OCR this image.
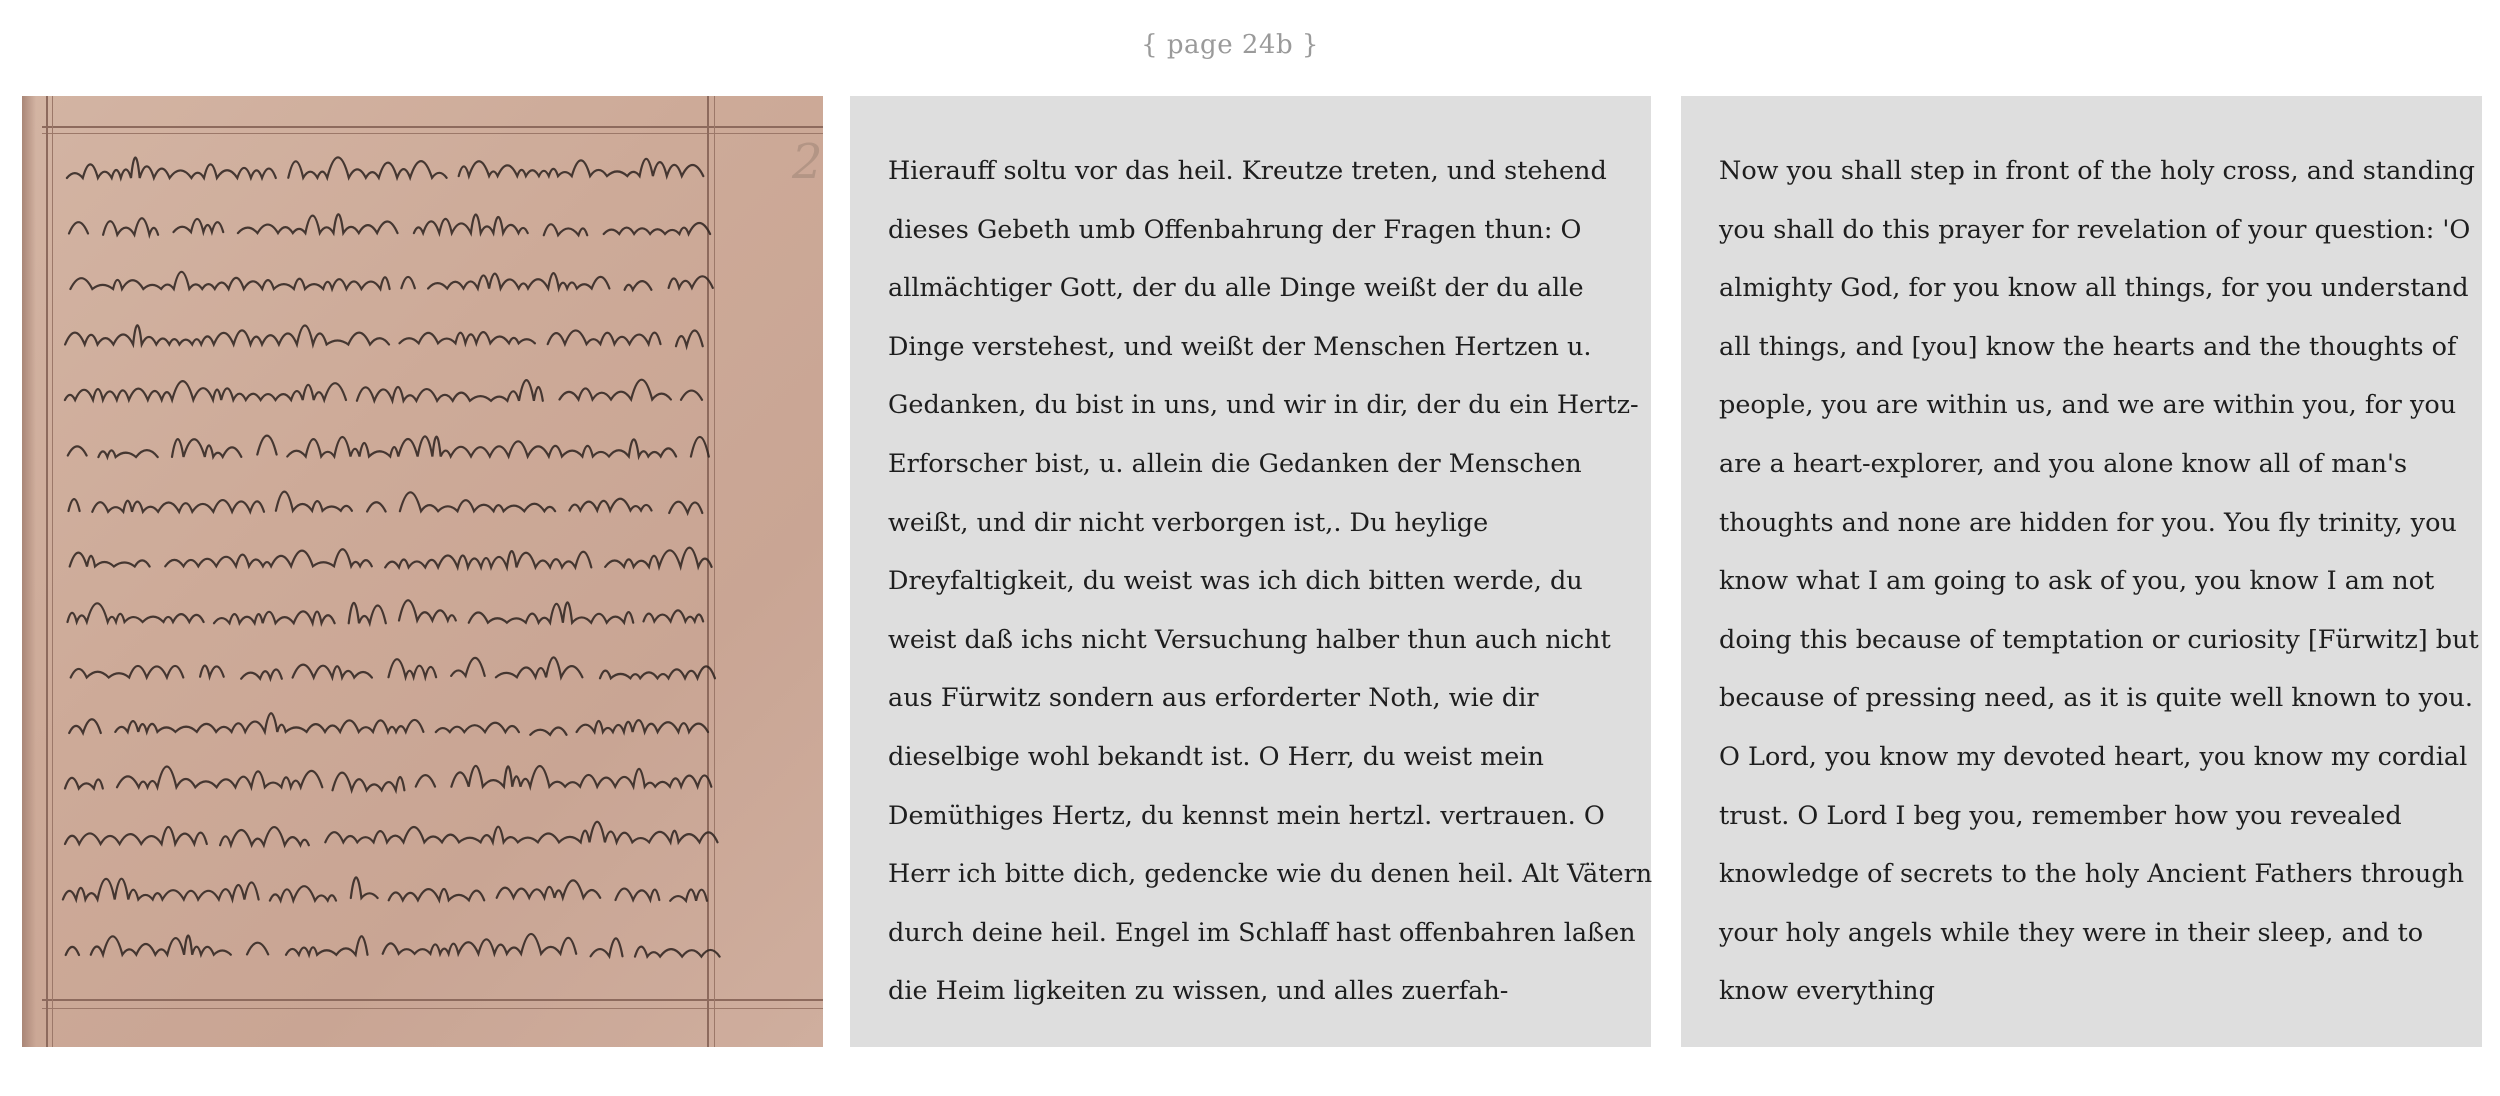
{ page 24b }
2	Hierauff soltu vor das heil. Kreutze treten, und stehend
dieses Gebeth umb Offenbahrung der Fragen thun: O
allmächtiger Gott, der du alle Dinge weißt der du alle
Dinge verstehest, und weißt der Menschen Hertzen u.
Gedanken, du bist in uns, und wir in dir, der du ein Hertz-
Erforscher bist, u. allein die Gedanken der Menschen
weißt, und dir nicht verborgen ist,. Du heylige
Dreyfaltigkeit, du weist was ich dich bitten werde, du
weist daß ichs nicht Versuchung halber thun auch nicht
aus Fürwitz sondern aus erforderter Noth, wie dir
dieselbige wohl bekandt ist. O Herr, du weist mein
Demüthiges Hertz, du kennst mein hertzl. vertrauen. O
Herr ich bitte dich, gedencke wie du denen heil. Alt Vätern
durch deine heil. Engel im Schlaff hast offenbahren laßen
die Heim ligkeiten zu wissen, und alles zuerfah-
Now you shall step in front of the holy cross, and standing
you shall do this prayer for revelation of your question: 'O
almighty God, for you know all things, for you understand
all things, and [you] know the hearts and the thoughts of
people, you are within us, and we are within you, for you
are a heart-explorer, and you alone know all of man's
thoughts and none are hidden for you. You fly trinity, you
know what I am going to ask of you, you know I am not
doing this because of temptation or curiosity [Fürwitz] but
because of pressing need, as it is quite well known to you.
O Lord, you know my devoted heart, you know my cordial
trust. O Lord I beg you, remember how you revealed
knowledge of secrets to the holy Ancient Fathers through
your holy angels while they were in their sleep, and to
know everything
